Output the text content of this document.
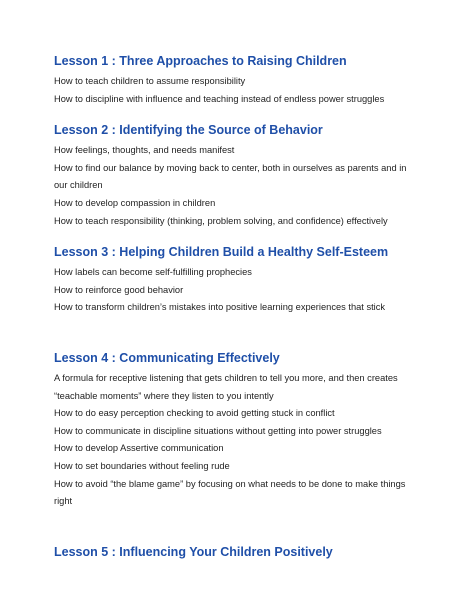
Lesson 1 : Three Approaches to Raising Children
How to teach children to assume responsibility
How to discipline with influence and teaching instead of endless power struggles
Lesson 2 : Identifying the Source of Behavior
How feelings, thoughts, and needs manifest
How to find our balance by moving back to center, both in ourselves as parents and in our children
How to develop compassion in children
How to teach responsibility (thinking, problem solving, and confidence) effectively
Lesson 3 : Helping Children Build a Healthy Self-Esteem
How labels can become self-fulfilling prophecies
How to reinforce good behavior
How to transform children’s mistakes into positive learning experiences that stick
Lesson 4 : Communicating Effectively
A formula for receptive listening that gets children to tell you more, and then creates “teachable moments” where they listen to you intently
How to do easy perception checking to avoid getting stuck in conflict
How to communicate in discipline situations without getting into power struggles
How to develop Assertive communication
How to set boundaries without feeling rude
How to avoid “the blame game” by focusing on what needs to be done to make things right
Lesson 5 : Influencing Your Children Positively
